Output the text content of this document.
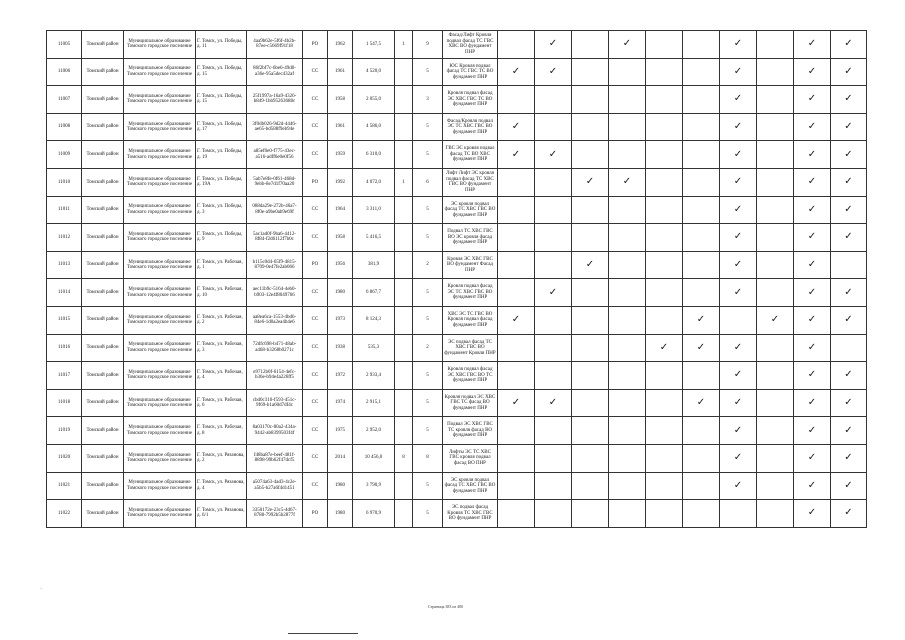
11005	Томский район	Муниципальное образование Томского городское поселение	Г. Томск, ул. Победы, д. 11	4aa9b62e-5f6f-4b2b-87ee-c5669f91f18	РО	1962	1 547,5	1	9	Фасад/Лифт Кровля подвал фасад ТС ГВС ХВС ВО фундамент ПНР		✓		✓			✓		✓	✓
11006	Томский район	Муниципальное образование Томского городское поселение	Г. Томск, ул. Победы, д. 15	86f2bf7c-6be6-49d0-a36e-95a5dec432af	СС	1961	4 520,0		5	ЮС Кровля подвал фасад ТС ГВС ТС ВО фундамент ПНР	✓	✓					✓		✓	✓
11007	Томский район	Муниципальное образование Томского городское поселение	Г. Томск, ул. Победы, д. 15	25f1997a-16a9-4326-b849-1bb95263688c	СС	1958	2 055,0		3	Кровля подвал фасад ЭС ХВС ГВС ТС ВО фундамент ПНР							✓		✓	✓
11008	Томский район	Муниципальное образование Томского городское поселение	Г. Томск, ул. Победы, д. 17	3f0db026-9d2d-4446-ae65-bd588f9eb94e	СС	1961	4 586,0		5	Фасад/Кровля подвал ЭС ТС ХВС ГВС ВО фундамент ПНР	✓						✓		✓	✓
11009	Томский район	Муниципальное образование Томского городское поселение	Г. Томск, ул. Победы, д. 19	a85ef0e0-f775-43ec-a516-adff6e0e0f56	СС	1959	6 310,0		5	ГВС ЭС кровля подвал фасад ТС ВО ХВС фундамент ПНР	✓	✓					✓		✓	✓
11010	Томский район	Муниципальное образование Томского городское поселение	Г. Томск, ул. Победы, д. 19А	5ab7e8fe-0f61-468d-9ebb-8e7d1f70aa20	РО	1992	4 072,0	1	6	Лифт Лифт ЭС кровля подвал фасад ТС ХВС ГВС ВО фундамент ПНР			✓	✓			✓		✓	✓
11011	Томский район	Муниципальное образование Томского городское поселение	Г. Томск, ул. Победы, д. 3	088da29e-272b-46a7-8f0e-a9be0ab9e69f	СС	1964	3 311,0		5	ЭС кровля подвал фасад ТС ХВС ГВС ВО фундамент ПНР							✓		✓	✓
11012	Томский район	Муниципальное образование Томского городское поселение	Г. Томск, ул. Победы, д. 9	5ac1ad0f-9ba6-4412-8f84-f2d6112f7b0c	СС	1958	5 416,5		5	Подвал ТС ХВС ГВС ВО ЭС кровля фасад фундамент ПНР							✓		✓	✓
11013	Томский район	Муниципальное образование Томского городское поселение	Г. Томск, ул. Рабочая, д. 1	b115c0d4-65f9-4815-8709-0e47fe2ab066	РО	1956	381,9		2	Кровля ЭС ХВС ГВС ВО фундамент Фасад ПНР			✓				✓		✓	
11014	Томский район	Муниципальное образование Томского городское поселение	Г. Томск, ул. Рабочая, д. 10	aec11b9c-5164-4eb0-b903-12e4f8049766	СС	1980	6 867,7		5	Кровля подвал фасад ЭС ТС ХВС ГВС ВО фундамент ПНР		✓					✓		✓	✓
11015	Томский район	Муниципальное образование Томского городское поселение	Г. Томск, ул. Рабочая, д. 2	aa8ea6ca-1553-4bd6-84e6-1d0a2ea4b4e6	СС	1973	8 124,3		5	ХВС ЭС ТС ГВС ВО Кровля подвал фасад фундамент ПНР	✓					✓		✓	✓	✓
11016	Томский район	Муниципальное образование Томского городское поселение	Г. Томск, ул. Рабочая, д. 3	72dfc698-b471-48ab-a468-b3268b0271c	СС	1938	535,3		2	ЭС подвал фасад ТС ХВС ГВС ВО фундамент Кровля ПНР					✓	✓	✓		✓	
11017	Томский район	Муниципальное образование Томского городское поселение	Г. Томск, ул. Рабочая, д. 4	e9712b0f-6154-4efc-b36e-b94e4a226ff5	СС	1972	2 933,4		5	Кровля подвал фасад ЭС ХВС ГВС ВО ТС фундамент ПНР							✓		✓	✓
11018	Томский район	Муниципальное образование Томского городское поселение	Г. Томск, ул. Рабочая, д. 6	cbd0c310-f593-451c-9f69-b1a60d7df4c	СС	1974	2 915,1		5	Кровля подвал ЭС ХВС ГВС ТС фасад ВО фундамент ПНР	✓	✓				✓	✓		✓	✓
11019	Томский район	Муниципальное образование Томского городское поселение	Г. Томск, ул. Рабочая, д. 8	8a03170c-80a2-434a-9442-ab8399503f4f	СС	1975	2 952,0		5	Подвал ЭС ХВС ГВС ТС кровля фасад ВО фундамент ПНР							✓		✓	✓
11020	Томский район	Муниципальное образование Томского городское поселение	Г. Томск, ул. Рязанова, д. 2	f48ba87e-beef-481f-8898-99b62f47dcf5	СС	2014	10 456,0	8	8	Лифты ЭС ТС ХВС ГВС кровля подвал фасад ВО ПНР							✓		✓	✓
11021	Томский район	Муниципальное образование Томского городское поселение	Г. Томск, ул. Рязанова, д. 4	a5074a63-4ad3-4c2e-a5b5-b27a6f4d1451	СС	1980	3 790,9		5	ЭС кровля подвал фасад ТС ХВС ГВС ВО фундамент ПНР							✓		✓	✓
11022	Томский район	Муниципальное образование Томского городское поселение	Г. Томск, ул. Рязанова, д. 6/1	3350172e-23c5-4d67-8788-7992b5b2877f	РО	1980	6 970,9		5	ЭС подвал фасад Кровля ТС ХВС ГВС ВО фундамент ПНР									✓	✓
·
Страница 383 из 400
